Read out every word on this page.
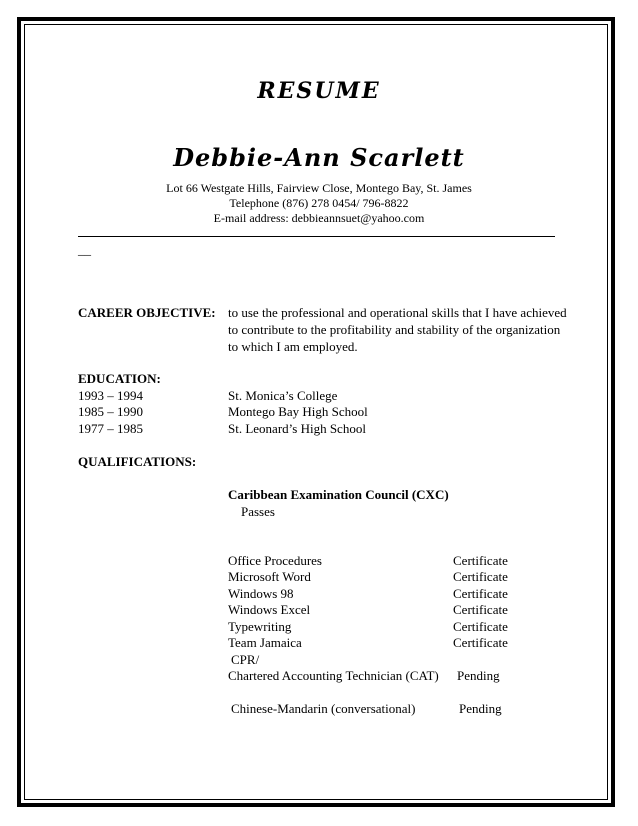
RESUME
Debbie-Ann Scarlett
Lot 66 Westgate Hills, Fairview Close, Montego Bay, St. James
Telephone (876) 278 0454/ 796-8822
E-mail address: debbieannsuet@yahoo.com
__
CAREER OBJECTIVE: to use the professional and operational skills that I have achieved
to contribute to the profitability and stability of the organization
to which I am employed.
EDUCATION:
1993 – 1994	St. Monica’s College
1985 – 1990	Montego Bay High School
1977 – 1985	St. Leonard’s High School
QUALIFICATIONS:
Caribbean Examination Council (CXC)
Passes
Office Procedures	Certificate
Microsoft Word	Certificate
Windows 98	Certificate
Windows Excel	Certificate
Typewriting	Certificate
Team Jamaica	Certificate
CPR/
Chartered Accounting Technician (CAT) Pending
Chinese-Mandarin (conversational)	Pending
